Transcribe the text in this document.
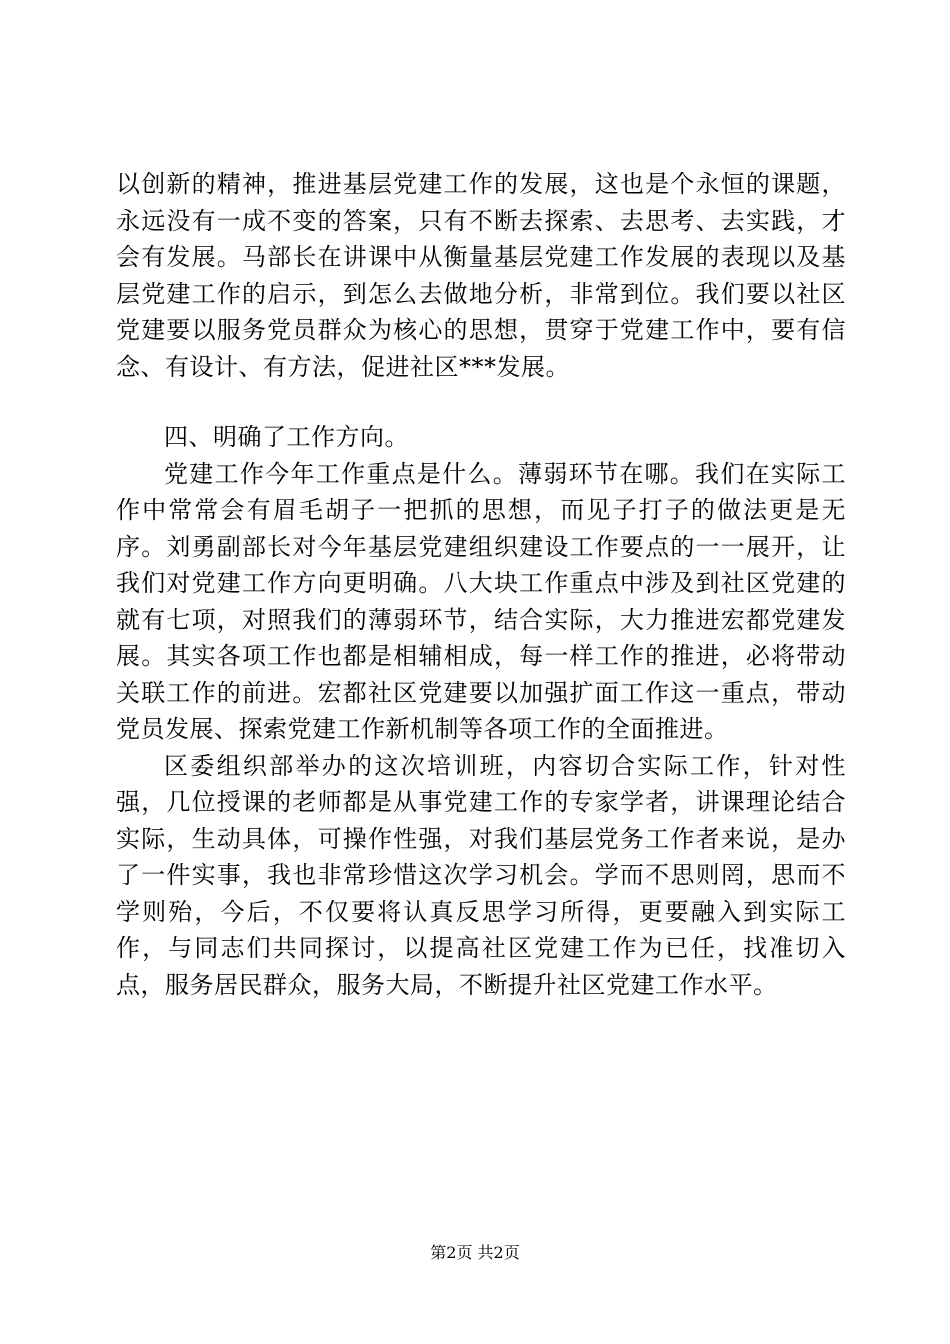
以创新的精神，推进基层党建工作的发展，这也是个永恒的课题，永远没有一成不变的答案，只有不断去探索、去思考、去实践，才会有发展。马部长在讲课中从衡量基层党建工作发展的表现以及基层党建工作的启示，到怎么去做地分析，非常到位。我们要以社区党建要以服务党员群众为核心的思想，贯穿于党建工作中，要有信念、有设计、有方法，促进社区***发展。

四、明确了工作方向。

党建工作今年工作重点是什么。薄弱环节在哪。我们在实际工作中常常会有眉毛胡子一把抓的思想，而见子打子的做法更是无序。刘勇副部长对今年基层党建组织建设工作要点的一一展开，让我们对党建工作方向更明确。八大块工作重点中涉及到社区党建的就有七项，对照我们的薄弱环节，结合实际，大力推进宏都党建发展。其实各项工作也都是相辅相成，每一样工作的推进，必将带动关联工作的前进。宏都社区党建要以加强扩面工作这一重点，带动党员发展、探索党建工作新机制等各项工作的全面推进。

区委组织部举办的这次培训班，内容切合实际工作，针对性强，几位授课的老师都是从事党建工作的专家学者，讲课理论结合实际，生动具体，可操作性强，对我们基层党务工作者来说，是办了一件实事，我也非常珍惜这次学习机会。学而不思则罔，思而不学则殆，今后，不仅要将认真反思学习所得，更要融入到实际工作，与同志们共同探讨，以提高社区党建工作为已任，找准切入点，服务居民群众，服务大局，不断提升社区党建工作水平。

第2页 共2页
